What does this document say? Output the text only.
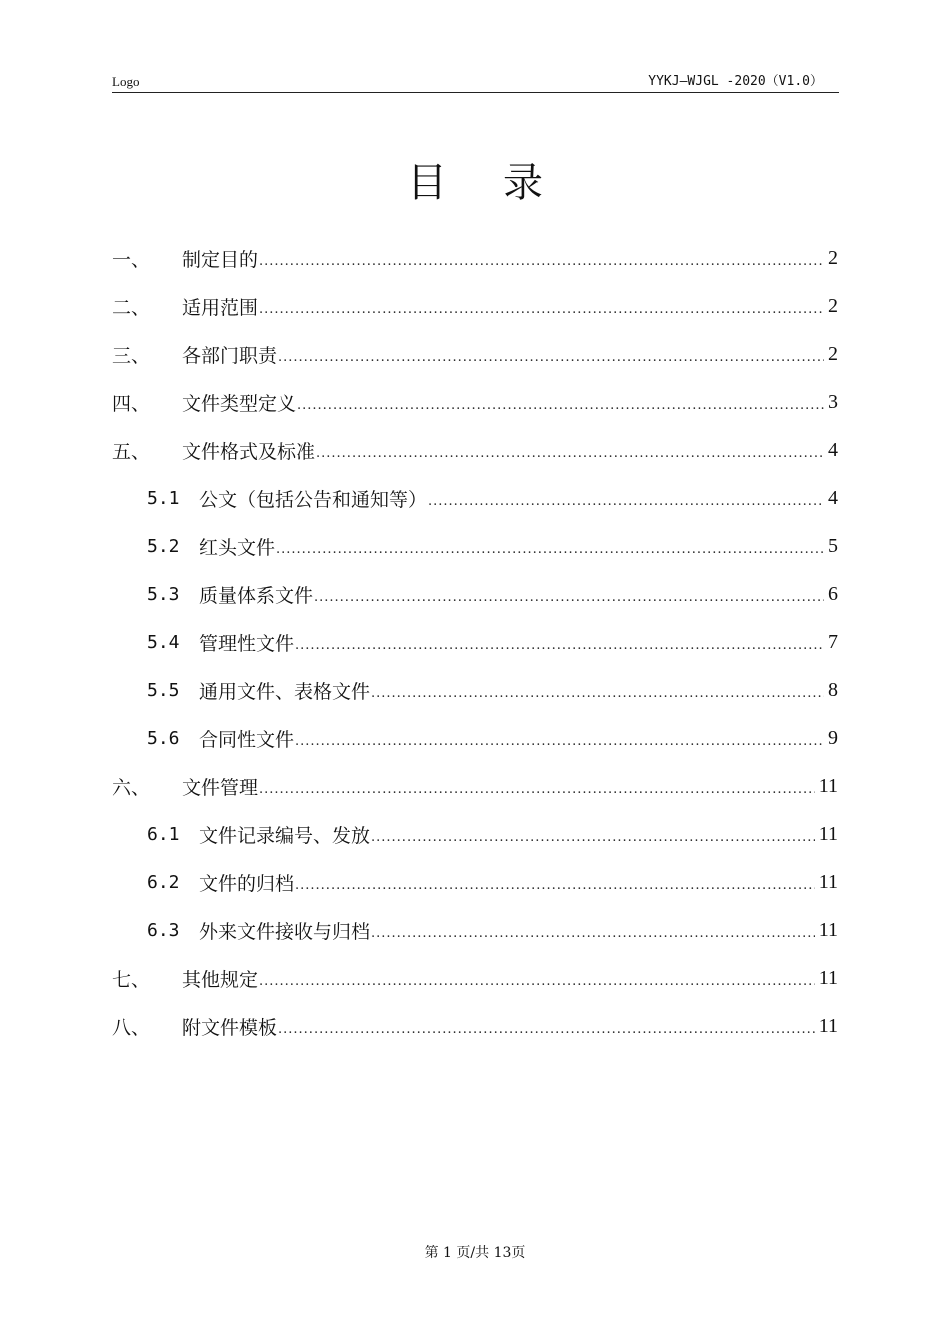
Logo	YYKJ—WJGL -2020（V1.0）
目录
一、	制定目的 .....	2
二、	适用范围 .....	2
三、	各部门职责 .....	2
四、	文件类型定义 .....	3
五、	文件格式及标准 .....	4
5.1	公文（包括公告和通知等） .....	4
5.2	红头文件 .....	5
5.3	质量体系文件 .....	6
5.4	管理性文件 .....	7
5.5	通用文件、表格文件 .....	8
5.6	合同性文件 .....	9
六、	文件管理 .....	11
6.1	文件记录编号、发放 .....	11
6.2	文件的归档 .....	11
6.3	外来文件接收与归档 .....	11
七、	其他规定 .....	11
八、	附文件模板 .....	11
第 1 页/共 13页
